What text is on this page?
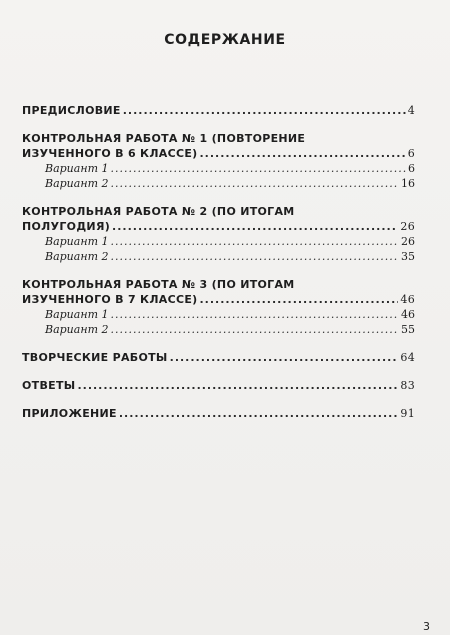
СОДЕРЖАНИЕ
ПРЕДИСЛОВИЕ .....	4
КОНТРОЛЬНАЯ РАБОТА № 1 (ПОВТОРЕНИЕ
ИЗУЧЕННОГО В 6 КЛАССЕ) .....	6
Вариант 1 .....	6
Вариант 2 .....	16
КОНТРОЛЬНАЯ РАБОТА № 2 (ПО ИТОГАМ
ПОЛУГОДИЯ) .....	26
Вариант 1 .....	26
Вариант 2 .....	35
КОНТРОЛЬНАЯ РАБОТА № 3 (ПО ИТОГАМ
ИЗУЧЕННОГО В 7 КЛАССЕ) .....	46
Вариант 1 .....	46
Вариант 2 .....	55
ТВОРЧЕСКИЕ РАБОТЫ .....	64
ОТВЕТЫ .....	83
ПРИЛОЖЕНИЕ .....	91
3
